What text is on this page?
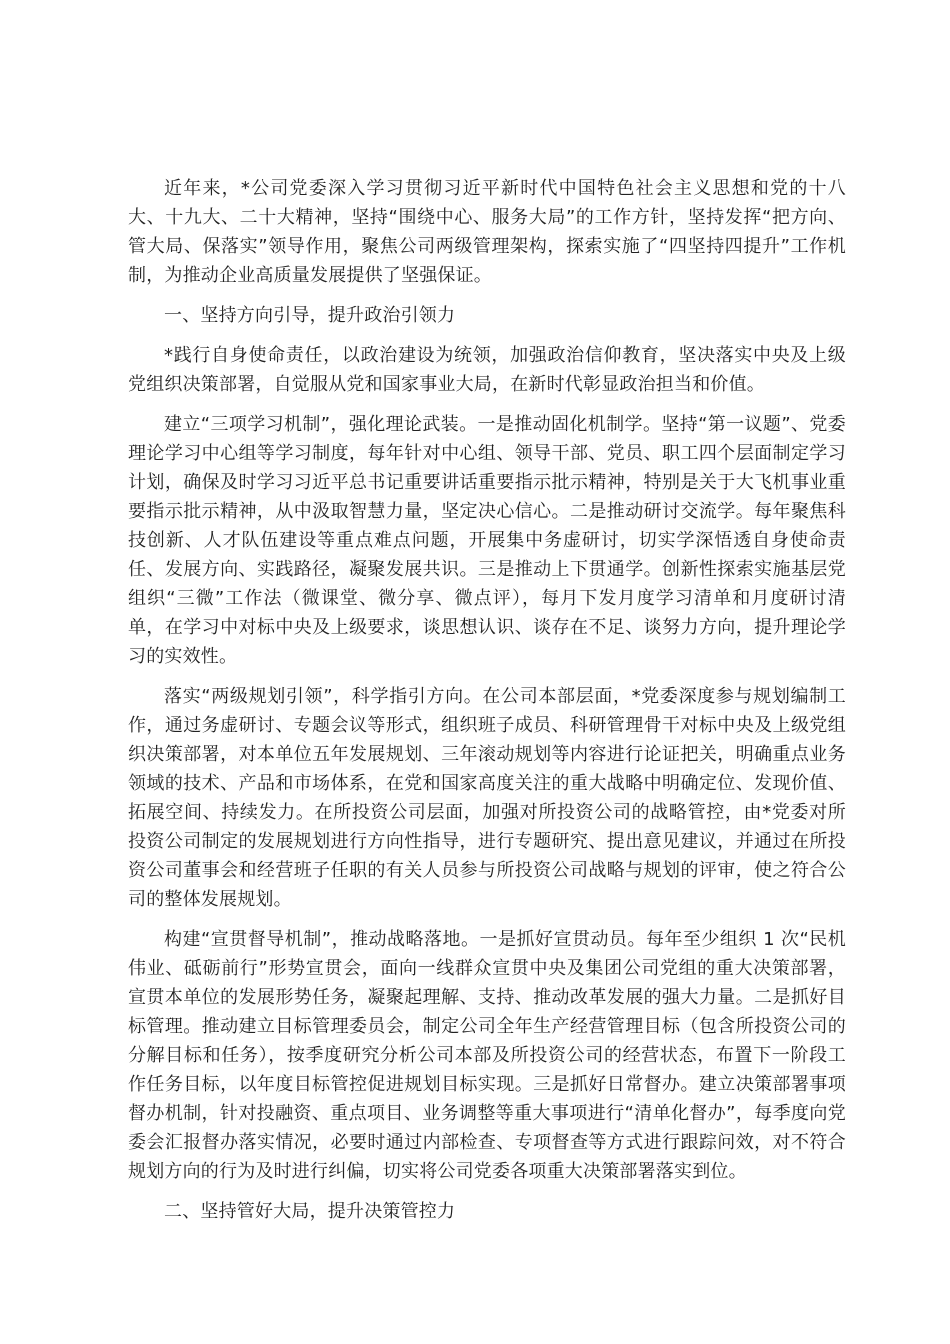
近年来，*公司党委深入学习贯彻习近平新时代中国特色社会主义思想和党的十八大、十九大、二十大精神，坚持“围绕中心、服务大局”的工作方针，坚持发挥“把方向、管大局、保落实”领导作用，聚焦公司两级管理架构，探索实施了“四坚持四提升”工作机制，为推动企业高质量发展提供了坚强保证。

一、坚持方向引导，提升政治引领力

*践行自身使命责任，以政治建设为统领，加强政治信仰教育，坚决落实中央及上级党组织决策部署，自觉服从党和国家事业大局，在新时代彰显政治担当和价值。

建立“三项学习机制”，强化理论武装。一是推动固化机制学。坚持“第一议题”、党委理论学习中心组等学习制度，每年针对中心组、领导干部、党员、职工四个层面制定学习计划，确保及时学习习近平总书记重要讲话重要指示批示精神，特别是关于大飞机事业重要指示批示精神，从中汲取智慧力量，坚定决心信心。二是推动研讨交流学。每年聚焦科技创新、人才队伍建设等重点难点问题，开展集中务虚研讨，切实学深悟透自身使命责任、发展方向、实践路径，凝聚发展共识。三是推动上下贯通学。创新性探索实施基层党组织“三微”工作法（微课堂、微分享、微点评），每月下发月度学习清单和月度研讨清单，在学习中对标中央及上级要求，谈思想认识、谈存在不足、谈努力方向，提升理论学习的实效性。

落实“两级规划引领”，科学指引方向。在公司本部层面，*党委深度参与规划编制工作，通过务虚研讨、专题会议等形式，组织班子成员、科研管理骨干对标中央及上级党组织决策部署，对本单位五年发展规划、三年滚动规划等内容进行论证把关，明确重点业务领域的技术、产品和市场体系，在党和国家高度关注的重大战略中明确定位、发现价值、拓展空间、持续发力。在所投资公司层面，加强对所投资公司的战略管控，由*党委对所投资公司制定的发展规划进行方向性指导，进行专题研究、提出意见建议，并通过在所投资公司董事会和经营班子任职的有关人员参与所投资公司战略与规划的评审，使之符合公司的整体发展规划。

构建“宣贯督导机制”，推动战略落地。一是抓好宣贯动员。每年至少组织 1 次“民机伟业、砥砺前行”形势宣贯会，面向一线群众宣贯中央及集团公司党组的重大决策部署，宣贯本单位的发展形势任务，凝聚起理解、支持、推动改革发展的强大力量。二是抓好目标管理。推动建立目标管理委员会，制定公司全年生产经营管理目标（包含所投资公司的分解目标和任务），按季度研究分析公司本部及所投资公司的经营状态，布置下一阶段工作任务目标，以年度目标管控促进规划目标实现。三是抓好日常督办。建立决策部署事项督办机制，针对投融资、重点项目、业务调整等重大事项进行“清单化督办”，每季度向党委会汇报督办落实情况，必要时通过内部检查、专项督查等方式进行跟踪问效，对不符合规划方向的行为及时进行纠偏，切实将公司党委各项重大决策部署落实到位。

二、坚持管好大局，提升决策管控力
